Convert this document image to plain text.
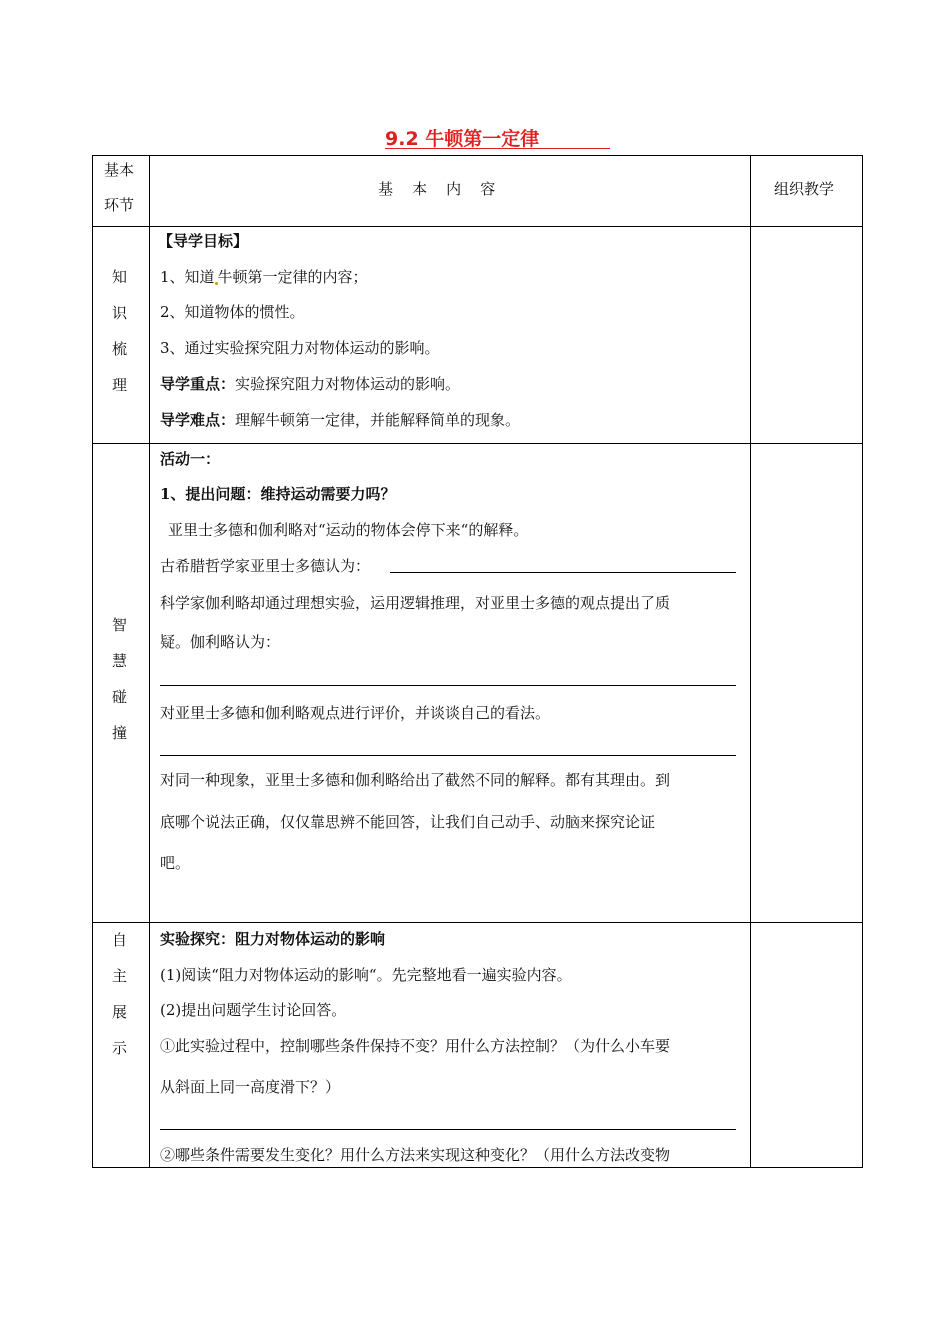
9.2 牛顿第一定律
基本
环节
基    本    内    容	组织教学
知
识
梳
理
【导学目标】
1、知道 牛顿第一定律的内容；
2、知道物体的惯性。
3、通过实验探究阻力对物体运动的影响。
导学重点：实验探究阻力对物体运动的影响。
导学难点：理解牛顿第一定律，并能解释简单的现象。
智
慧
碰
撞
活动一：
1、提出问题：维持运动需要力吗？
亚里士多德和伽利略对“运动的物体会停下来“的解释。
古希腊哲学家亚里士多德认为：
科学家伽利略却通过理想实验，运用逻辑推理，对亚里士多德的观点提出了质
疑。伽利略认为：
对亚里士多德和伽利略观点进行评价，并谈谈自己的看法。
对同一种现象，亚里士多德和伽利略给出了截然不同的解释。都有其理由。到
底哪个说法正确，仅仅靠思辨不能回答，让我们自己动手、动脑来探究论证
吧。
自
主
展
示
实验探究：阻力对物体运动的影响
(1)阅读“阻力对物体运动的影响“。先完整地看一遍实验内容。
(2)提出问题学生讨论回答。
①此实验过程中，控制哪些条件保持不变？用什么方法控制？（为什么小车要
从斜面上同一高度滑下？）
②哪些条件需要发生变化？用什么方法来实现这种变化？（用什么方法改变物
